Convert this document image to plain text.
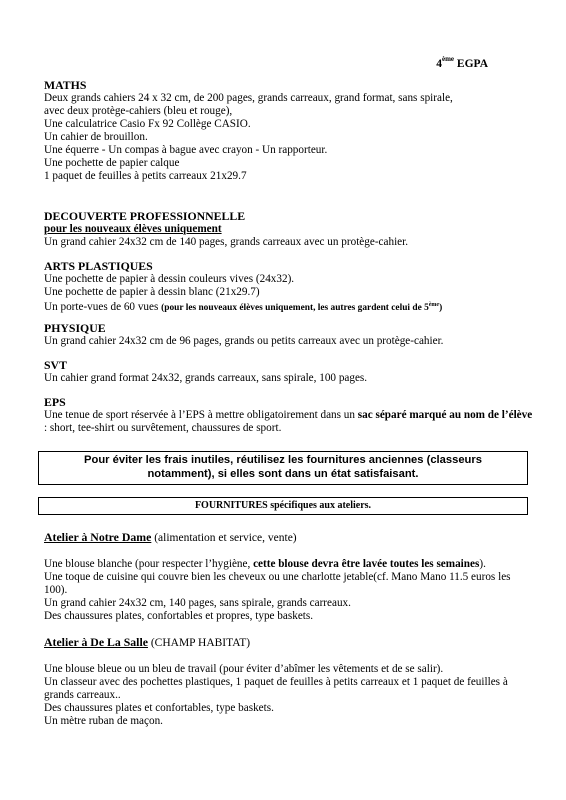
4ème EGPA
MATHS
Deux grands cahiers 24 x 32 cm, de 200 pages, grands carreaux, grand format, sans spirale,
avec deux protège-cahiers (bleu et rouge),
Une calculatrice Casio Fx 92 Collège CASIO.
Un cahier de brouillon.
Une équerre - Un compas à bague avec crayon - Un rapporteur.
Une pochette de papier calque
1 paquet de feuilles à petits carreaux 21x29.7
DECOUVERTE PROFESSIONNELLE
pour les nouveaux élèves uniquement
Un grand cahier 24x32 cm de 140 pages, grands carreaux avec un protège-cahier.
ARTS PLASTIQUES
Une pochette de papier à dessin couleurs vives (24x32).
Une pochette de papier à dessin blanc (21x29.7)
Un porte-vues de 60 vues (pour les nouveaux élèves uniquement, les autres gardent celui de 5ème)
PHYSIQUE
Un grand cahier 24x32 cm de 96 pages, grands ou petits carreaux avec un protège-cahier.
SVT
Un cahier grand format 24x32, grands carreaux, sans spirale, 100 pages.
EPS
Une tenue de sport réservée à l’EPS à mettre obligatoirement dans un sac séparé marqué au nom de l’élève : short, tee-shirt ou survêtement, chaussures de sport.
Pour éviter les frais inutiles, réutilisez les fournitures anciennes (classeurs
notamment), si elles sont dans un état satisfaisant.
FOURNITURES spécifiques aux ateliers.
Atelier à Notre Dame (alimentation et service, vente)
Une blouse blanche (pour respecter l’hygiène, cette blouse devra être lavée toutes les semaines).
Une toque de cuisine qui couvre bien les cheveux ou une charlotte jetable(cf. Mano Mano 11.5 euros les 100).
Un grand cahier 24x32 cm, 140 pages, sans spirale, grands carreaux.
Des chaussures plates, confortables et propres, type baskets.
Atelier à De La Salle (CHAMP HABITAT)
Une blouse bleue ou un bleu de travail (pour éviter d’abîmer les vêtements et de se salir).
Un classeur avec des pochettes plastiques, 1 paquet de feuilles à petits carreaux et 1 paquet de feuilles à grands carreaux..
Des chaussures plates et confortables, type baskets.
Un mètre ruban de maçon.
